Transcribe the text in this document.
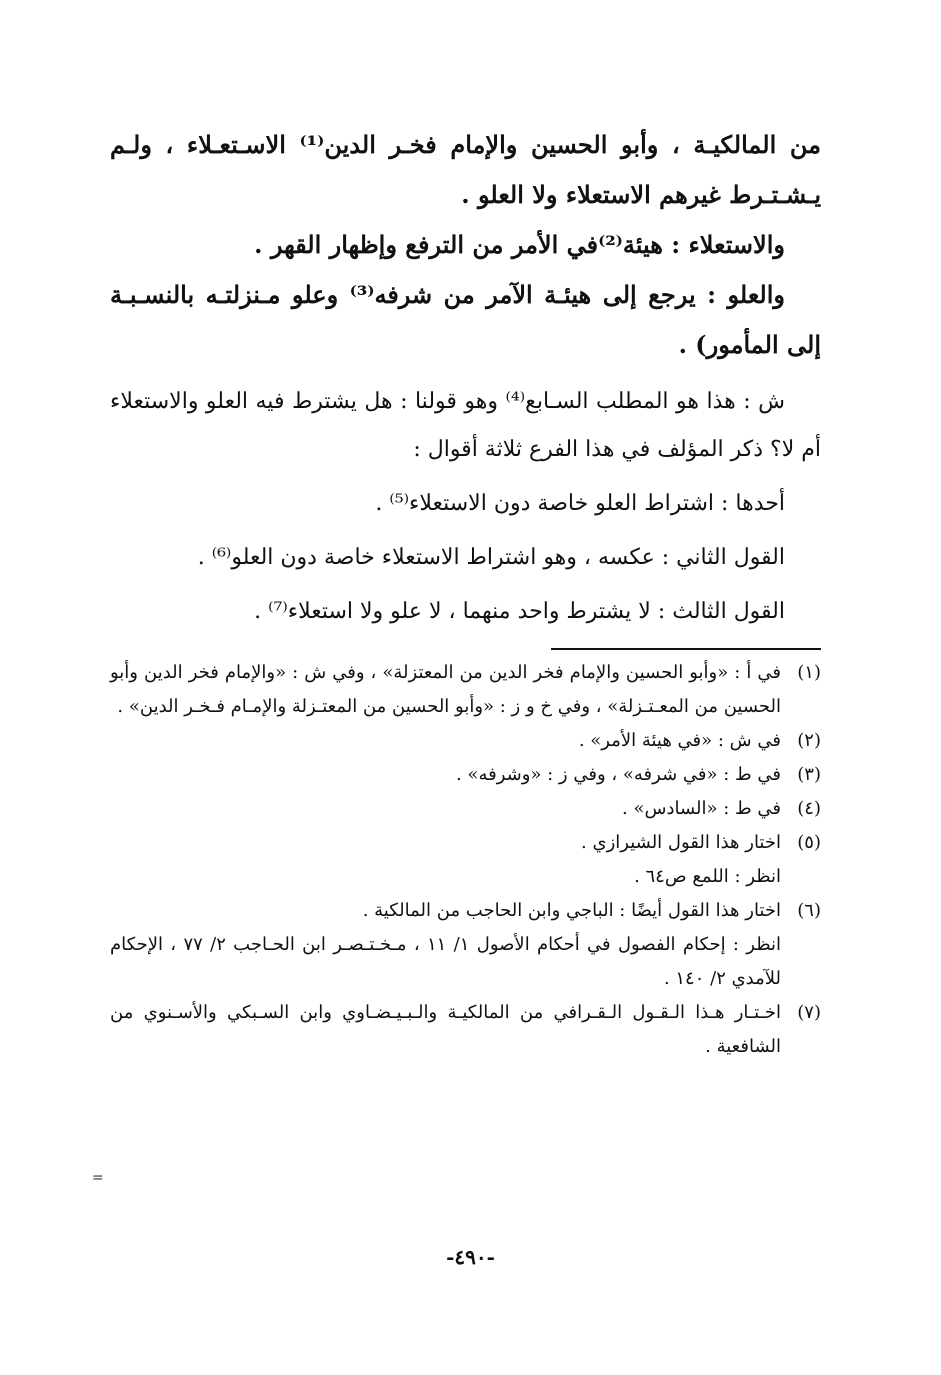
من المالكيـة ، وأبو الحسين والإمام فخـر الدين⁽¹⁾ الاسـتعـلاء ، ولـم يـشـتـرط غيرهم الاستعلاء ولا العلو .

والاستعلاء : هيئة⁽²⁾في الأمر من الترفع وإظهار القهر .

والعلو : يرجع إلى هيئـة الآمر من شرفه⁽³⁾ وعلو مـنزلتـه بالنسـبـة إلى المأمور) .

ش : هذا هو المطلب السـابع⁽⁴⁾ وهو قولنا : هل يشترط فيه العلو والاستعلاء أم لا؟ ذكر المؤلف في هذا الفرع ثلاثة أقوال :

أحدها : اشتراط العلو خاصة دون الاستعلاء⁽⁵⁾ .

القول الثاني : عكسه ، وهو اشتراط الاستعلاء خاصة دون العلو⁽⁶⁾ .

القول الثالث : لا يشترط واحد منهما ، لا علو ولا استعلاء⁽⁷⁾ .

(١)
في أ : «وأبو الحسين والإمام فخر الدين من المعتزلة» ، وفي ش : «والإمام فخر الدين وأبو الحسين من المعـتـزلة» ، وفي خ و ز : «وأبو الحسين من المعتـزلة والإمـام فـخـر الدين» .
(٢)
في ش : «في هيئة الأمر» .
(٣)
في ط : «في شرفه» ، وفي ز : «وشرفه» .
(٤)
في ط : «السادس» .
(٥)
اختار هذا القول الشيرازي .
انظر : اللمع ص٦٤ .
(٦)
اختار هذا القول أيضًا : الباجي وابن الحاجب من المالكية .
انظر : إحكام الفصول في أحكام الأصول ١/ ١١ ، مـخـتـصـر ابن الحـاجب ٢/ ٧٧ ، الإحكام للآمدي ٢/ ١٤٠ .
(٧)
اخـتـار هـذا الـقـول الـقـرافي من المالكيـة والـبـيـضـاوي وابن السـبكي والأسـنوي من الشافعية .
=
-٤٩٠-
